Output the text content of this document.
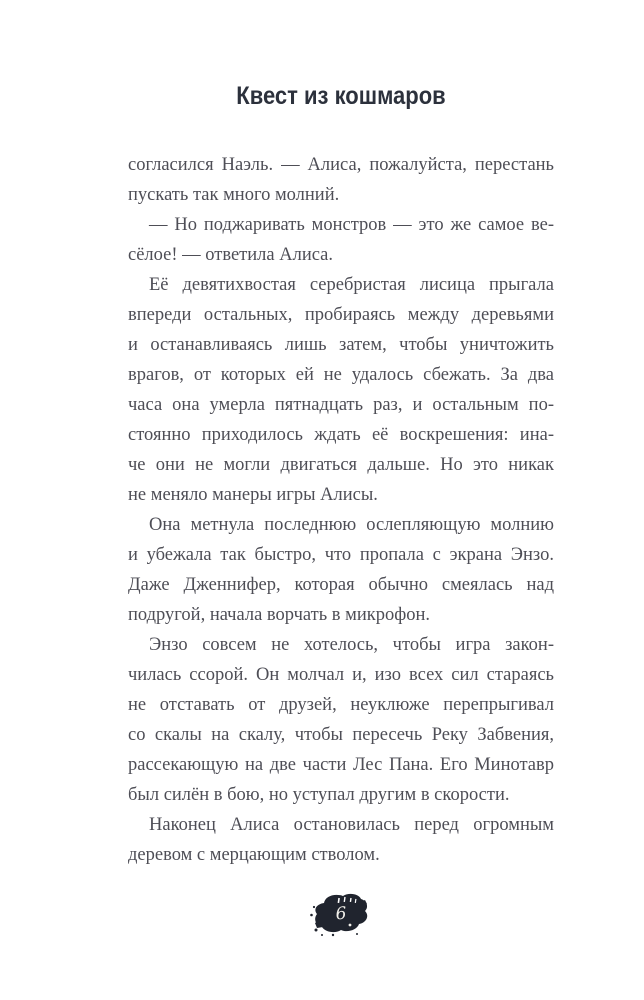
Квест из кошмаров
согласился Наэль. — Алиса, пожалуйста, перестань
пускать так много молний.
— Но поджаривать монстров — это же самое ве-
сёлое! — ответила Алиса.
Её девятихвостая серебристая лисица прыгала
впереди остальных, пробираясь между деревьями
и останавливаясь лишь затем, чтобы уничтожить
врагов, от которых ей не удалось сбежать. За два
часа она умерла пятнадцать раз, и остальным по-
стоянно приходилось ждать её воскрешения: ина-
че они не могли двигаться дальше. Но это никак
не меняло манеры игры Алисы.
Она метнула последнюю ослепляющую молнию
и убежала так быстро, что пропала с экрана Энзо.
Даже Дженнифер, которая обычно смеялась над
подругой, начала ворчать в микрофон.
Энзо совсем не хотелось, чтобы игра закон-
чилась ссорой. Он молчал и, изо всех сил стараясь
не отставать от друзей, неуклюже перепрыгивал
со скалы на скалу, чтобы пересечь Реку Забвения,
рассекающую на две части Лес Пана. Его Минотавр
был силён в бою, но уступал другим в скорости.
Наконец Алиса остановилась перед огромным
деревом с мерцающим стволом.
6
